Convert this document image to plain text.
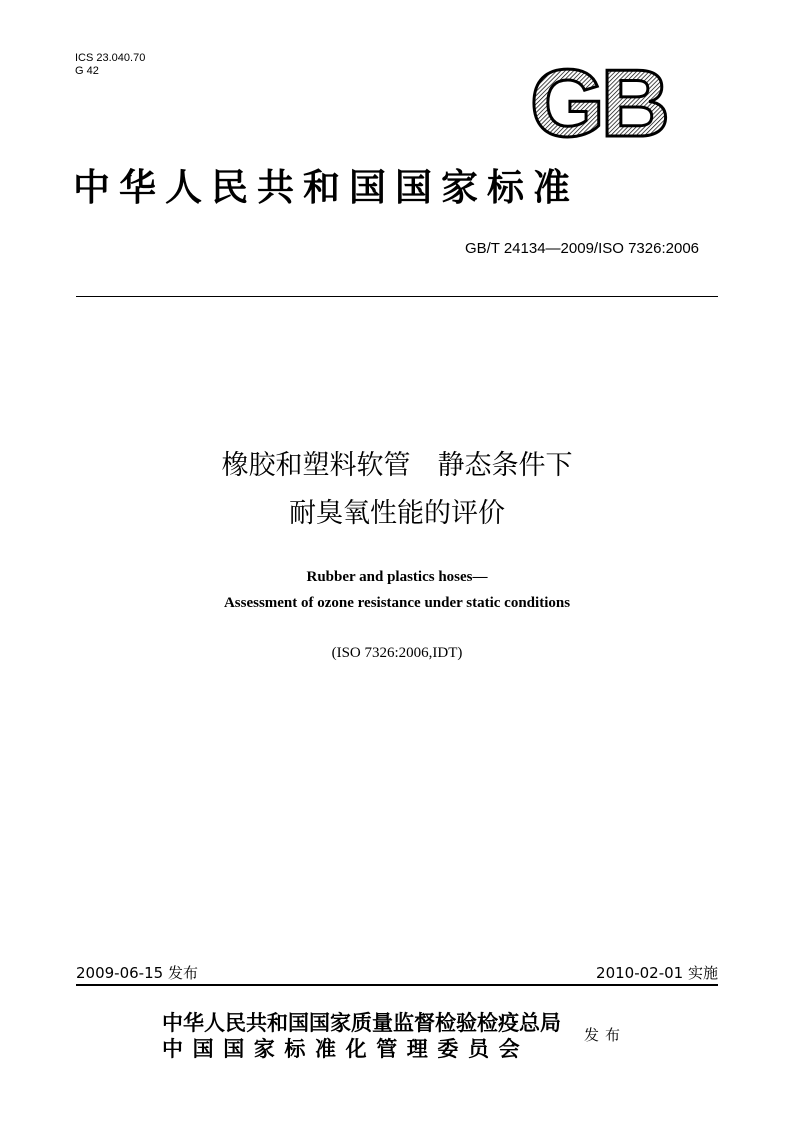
ICS 23.040.70
G 42	GB
中华人民共和国国家标准
GB/T 24134—2009/ISO 7326:2006
橡胶和塑料软管　静态条件下
耐臭氧性能的评价
Rubber and plastics hoses—
Assessment of ozone resistance under static conditions
(ISO 7326:2006,IDT)
2009-06-15 发布	2010-02-01 实施
中华人民共和国国家质量监督检验检疫总局
中国国家标准化管理委员会
发布
